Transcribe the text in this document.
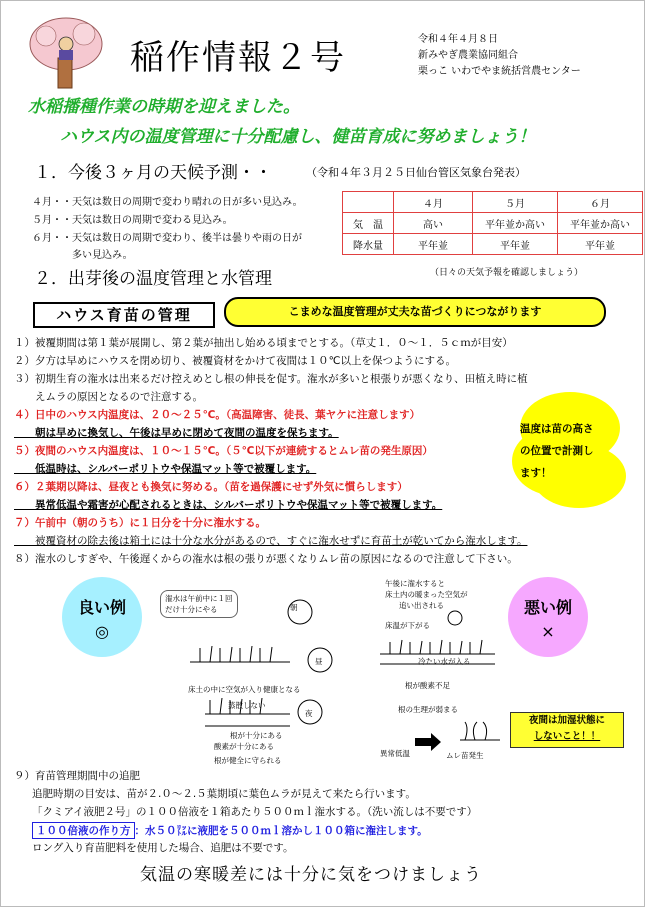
稲作情報２号	令和４年４月８日
新みやぎ農業協同組合
栗っこ いわでやま統括営農センター
水稲播種作業の時期を迎えました。
ハウス内の温度管理に十分配慮し、健苗育成に努めましょう！
１．今後３ヶ月の天候予測・・	（令和４年３月２５日仙台管区気象台発表）
４月・・天気は数日の周期で変わり晴れの日が多い見込み。
５月・・天気は数日の周期で変わる見込み。
６月・・天気は数日の周期で変わり、後半は曇りや雨の日が
　　　　多い見込み。
	４月	５月	６月
気　温	高い	平年並か高い	平年並か高い
降水量	平年並	平年並	平年並
（日々の天気予報を確認しましょう）
２．出芽後の温度管理と水管理
ハウス育苗の管理	こまめな温度管理が丈夫な苗づくりにつながります
１）被覆期間は第１葉が展開し、第２葉が抽出し始める頃までとする。（草丈１．０～１．５ｃｍが目安）
２）夕方は早めにハウスを閉め切り、被覆資材をかけて夜間は１０℃以上を保つようにする。
３）初期生育の潅水は出来るだけ控えめとし根の伸長を促す。潅水が多いと根張りが悪くなり、田植え時に植
　　えムラの原因となるので注意する。
４）日中のハウス内温度は、２０～２５℃。（高温障害、徒長、葉ヤケに注意します）
　　朝は早めに換気し、午後は早めに閉めて夜間の温度を保ちます。
５）夜間のハウス内温度は、１０～１５℃。（５℃以下が連続するとムレ苗の発生原因）
　　低温時は、シルバーポリトウや保温マット等で被覆します。
６）２葉期以降は、昼夜とも換気に努める。（苗を過保護にせず外気に慣らします）
　　異常低温や霜害が心配されるときは、シルバーポリトウや保温マット等で被覆します。
７）午前中（朝のうち）に１日分を十分に潅水する。
　　被覆資材の除去後は箱土には十分な水分があるので、すぐに潅水せずに育苗土が乾いてから潅水します。
８）潅水のしすぎや、午後遅くからの潅水は根の張りが悪くなりムレ苗の原因になるので注意して下さい。
温度は苗の高さ
の位置で計測し
ます！
良い例
◎
潅水は午前中に１回
だけ十分にやる	朝
昼
床土の中に空気が入り健康となる
蒸散しない
夜
根が十分にある
酸素が十分にある
根が健全に守られる
午後に潅水すると
床土内の暖まった空気が
追い出される
床温が下がる
冷たい水が入る
根が酸素不足
根の生理が弱まる
異常低温	ムレ苗発生
悪い例
×
夜間は加湿状態に
しないこと！！
９）育苗管理期間中の追肥
追肥時期の目安は、苗が２.０～２.５葉期頃に葉色ムラが見えて来たら行います。
「クミアイ液肥２号」の１００倍液を１箱あたり５００ｍｌ潅水する。（洗い流しは不要です）
１００倍液の作り方 ：水５０㍑に液肥を５００ｍｌ溶かし１００箱に潅注します。
ロング入り育苗肥料を使用した場合、追肥は不要です。
気温の寒暖差には十分に気をつけましょう
